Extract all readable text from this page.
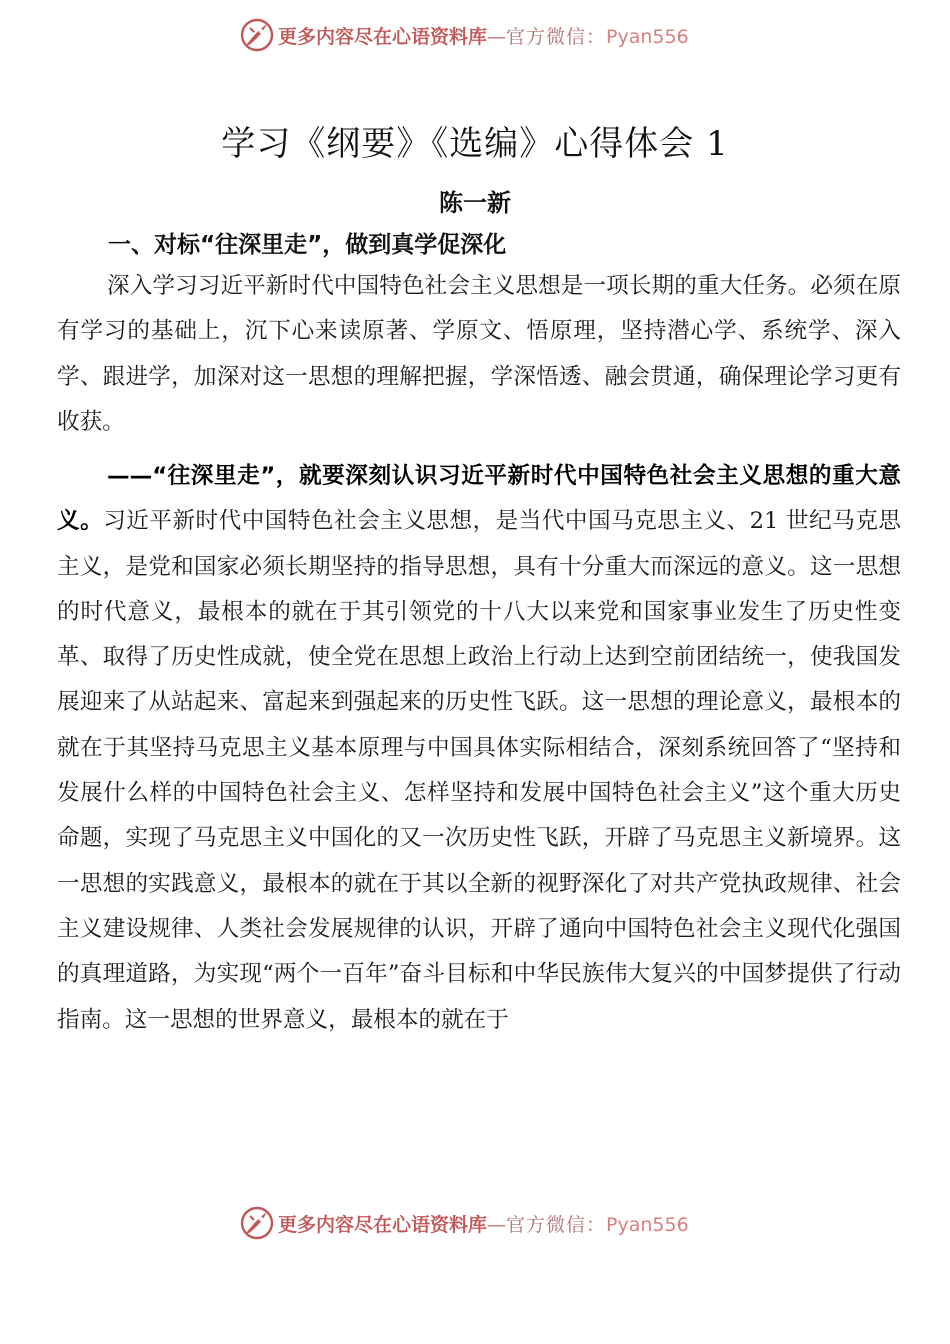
更多内容尽在心语资料库—官方微信：Pyan556
学习《纲要》《选编》心得体会 1
陈一新
一、对标“往深里走”，做到真学促深化

深入学习习近平新时代中国特色社会主义思想是一项长期的重大任务。必须在原有学习的基础上，沉下心来读原著、学原文、悟原理，坚持潜心学、系统学、深入学、跟进学，加深对这一思想的理解把握，学深悟透、融会贯通，确保理论学习更有收获。

——“往深里走”，就要深刻认识习近平新时代中国特色社会主义思想的重大意义。习近平新时代中国特色社会主义思想，是当代中国马克思主义、21 世纪马克思主义，是党和国家必须长期坚持的指导思想，具有十分重大而深远的意义。这一思想的时代意义，最根本的就在于其引领党的十八大以来党和国家事业发生了历史性变革、取得了历史性成就，使全党在思想上政治上行动上达到空前团结统一，使我国发展迎来了从站起来、富起来到强起来的历史性飞跃。这一思想的理论意义，最根本的就在于其坚持马克思主义基本原理与中国具体实际相结合，深刻系统回答了“坚持和发展什么样的中国特色社会主义、怎样坚持和发展中国特色社会主义”这个重大历史命题，实现了马克思主义中国化的又一次历史性飞跃，开辟了马克思主义新境界。这一思想的实践意义，最根本的就在于其以全新的视野深化了对共产党执政规律、社会主义建设规律、人类社会发展规律的认识，开辟了通向中国特色社会主义现代化强国的真理道路，为实现“两个一百年”奋斗目标和中华民族伟大复兴的中国梦提供了行动指南。这一思想的世界意义，最根本的就在于

更多内容尽在心语资料库—官方微信：Pyan556
